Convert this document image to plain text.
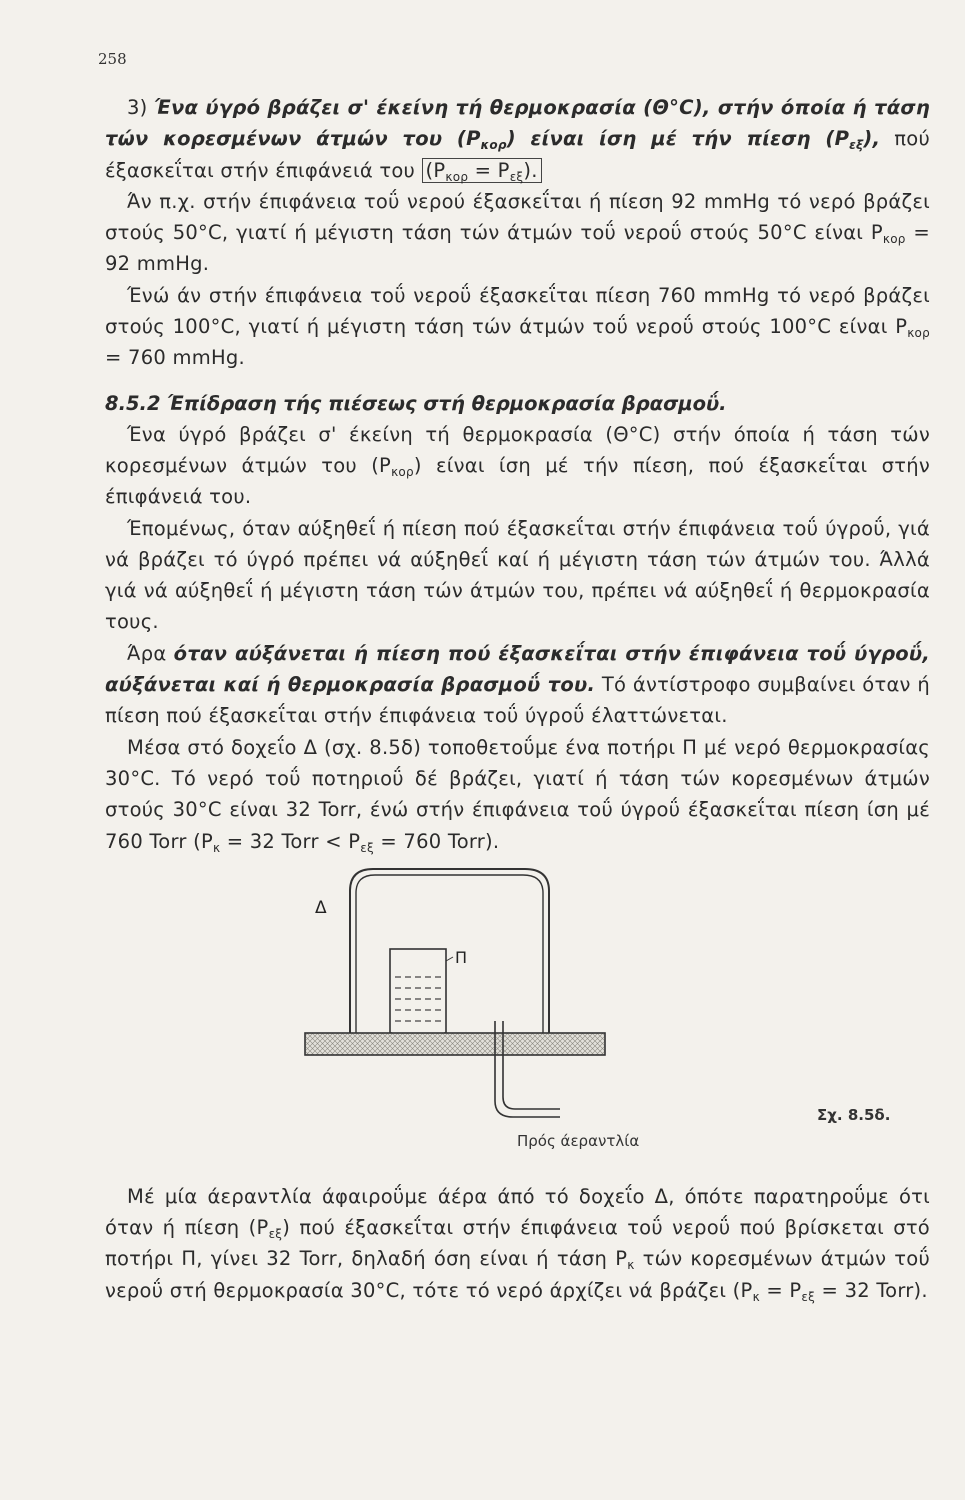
258

3) Ένα ύγρό βράζει σ' έκείνη τή θερμοκρασία (Θ°C), στήν όποία ή τάση τών κορεσμένων άτμών του $(P_{\kappa o\rho})$ είναι ίση μέ τήν πίεση $(P_{\varepsilon\xi})$, πού έξασκεΐται στήν έπιφάνειά του $(P_{\kappa o\rho} = P_{\varepsilon\xi})$.

Άν π.χ. στήν έπιφάνεια τοΰ νερού έξασκεΐται ή πίεση 92 mmHg τό νερό βράζει στούς 50°C, γιατί ή μέγιστη τάση τών άτμών τοΰ νεροΰ στούς 50°C είναι $P_{\kappa o\rho} = 92$ mmHg.

Ένώ άν στήν έπιφάνεια τοΰ νεροΰ έξασκεΐται πίεση 760 mmHg τό νερό βράζει στούς 100°C, γιατί ή μέγιστη τάση τών άτμών τοΰ νεροΰ στούς 100°C είναι $P_{\kappa o\rho} = 760$ mmHg.

8.5.2 Έπίδραση τής πιέσεως στή θερμοκρασία βρασμοΰ.

Ένα ύγρό βράζει σ' έκείνη τή θερμοκρασία (Θ°C) στήν όποία ή τάση τών κορεσμένων άτμών του $(P_{\kappa o\rho})$ είναι ίση μέ τήν πίεση, πού έξασκεΐται στήν έπιφάνειά του.

Έπομένως, όταν αύξηθεΐ ή πίεση πού έξασκεΐται στήν έπιφάνεια τοΰ ύγροΰ, γιά νά βράζει τό ύγρό πρέπει νά αύξηθεΐ καί ή μέγιστη τάση τών άτμών του. Άλλά γιά νά αύξηθεΐ ή μέγιστη τάση τών άτμών του, πρέπει νά αύξηθεΐ ή θερμοκρασία τους.

Άρα όταν αύξάνεται ή πίεση πού έξασκεΐται στήν έπιφάνεια τοΰ ύγροΰ, αύξάνεται καί ή θερμοκρασία βρασμοΰ του. Τό άντίστροφο συμβαίνει όταν ή πίεση πού έξασκεΐται στήν έπιφάνεια τοΰ ύγροΰ έλαττώνεται.

Μέσα στό δοχεΐο Δ (σχ. 8.5δ) τοποθετοΰμε ένα ποτήρι Π μέ νερό θερμοκρασίας 30°C. Τό νερό τοΰ ποτηριοΰ δέ βράζει, γιατί ή τάση τών κορεσμένων άτμών στούς 30°C είναι 32 Torr, ένώ στήν έπιφάνεια τοΰ ύγροΰ έξασκεΐται πίεση ίση μέ 760 Torr ($P_\kappa = 32$ Torr < $P_{\varepsilon\xi} = 760$ Torr).

Δ
Π
Πρός άεραντλία
Σχ. 8.5δ.

Μέ μία άεραντλία άφαιροΰμε άέρα άπό τό δοχεΐο Δ, όπότε παρατηροΰμε ότι όταν ή πίεση $(P_{\varepsilon\xi})$ πού έξασκεΐται στήν έπιφάνεια τοΰ νεροΰ πού βρίσκεται στό ποτήρι Π, γίνει 32 Torr, δηλαδή όση είναι ή τάση $P_\kappa$ τών κορεσμένων άτμών τοΰ νεροΰ στή θερμοκρασία 30°C, τότε τό νερό άρχίζει νά βράζει ($P_\kappa = P_{\varepsilon\xi} = 32$ Torr).
